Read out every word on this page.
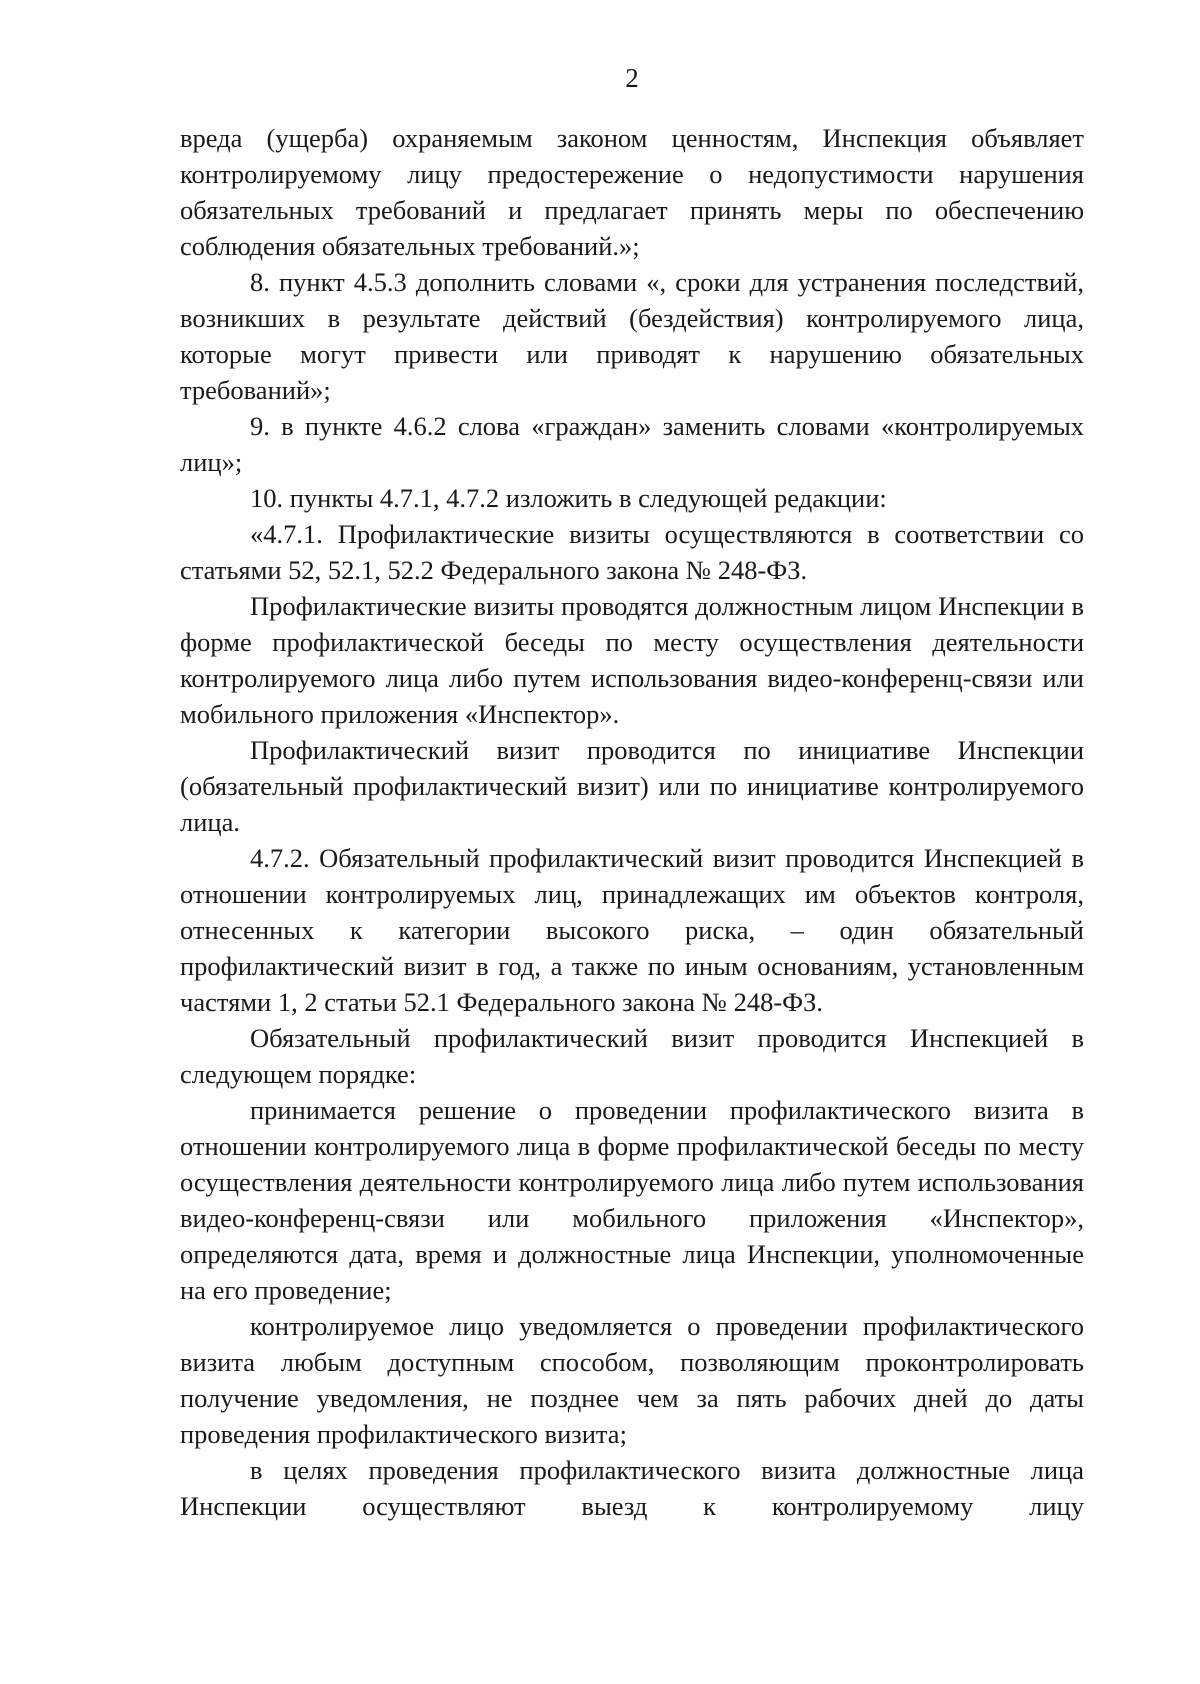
2

вреда (ущерба) охраняемым законом ценностям, Инспекция объявляет контролируемому лицу предостережение о недопустимости нарушения обязательных требований и предлагает принять меры по обеспечению соблюдения обязательных требований.»;

8. пункт 4.5.3 дополнить словами «, сроки для устранения последствий, возникших в результате действий (бездействия) контролируемого лица, которые могут привести или приводят к нарушению обязательных требований»;

9. в пункте 4.6.2 слова «граждан» заменить словами «контролируемых лиц»;

10. пункты 4.7.1, 4.7.2 изложить в следующей редакции:

«4.7.1. Профилактические визиты осуществляются в соответствии со статьями 52, 52.1, 52.2 Федерального закона № 248-ФЗ.

Профилактические визиты проводятся должностным лицом Инспекции в форме профилактической беседы по месту осуществления деятельности контролируемого лица либо путем использования видео-конференц-связи или мобильного приложения «Инспектор».

Профилактический визит проводится по инициативе Инспекции (обязательный профилактический визит) или по инициативе контролируемого лица.

4.7.2. Обязательный профилактический визит проводится Инспекцией в отношении контролируемых лиц, принадлежащих им объектов контроля, отнесенных к категории высокого риска, – один обязательный профилактический визит в год, а также по иным основаниям, установленным частями 1, 2 статьи 52.1 Федерального закона № 248-ФЗ.

Обязательный профилактический визит проводится Инспекцией в следующем порядке:

принимается решение о проведении профилактического визита в отношении контролируемого лица в форме профилактической беседы по месту осуществления деятельности контролируемого лица либо путем использования видео-конференц-связи или мобильного приложения «Инспектор», определяются дата, время и должностные лица Инспекции, уполномоченные на его проведение;

контролируемое лицо уведомляется о проведении профилактического визита любым доступным способом, позволяющим проконтролировать получение уведомления, не позднее чем за пять рабочих дней до даты проведения профилактического визита;

в целях проведения профилактического визита должностные лица Инспекции осуществляют выезд к контролируемому лицу
